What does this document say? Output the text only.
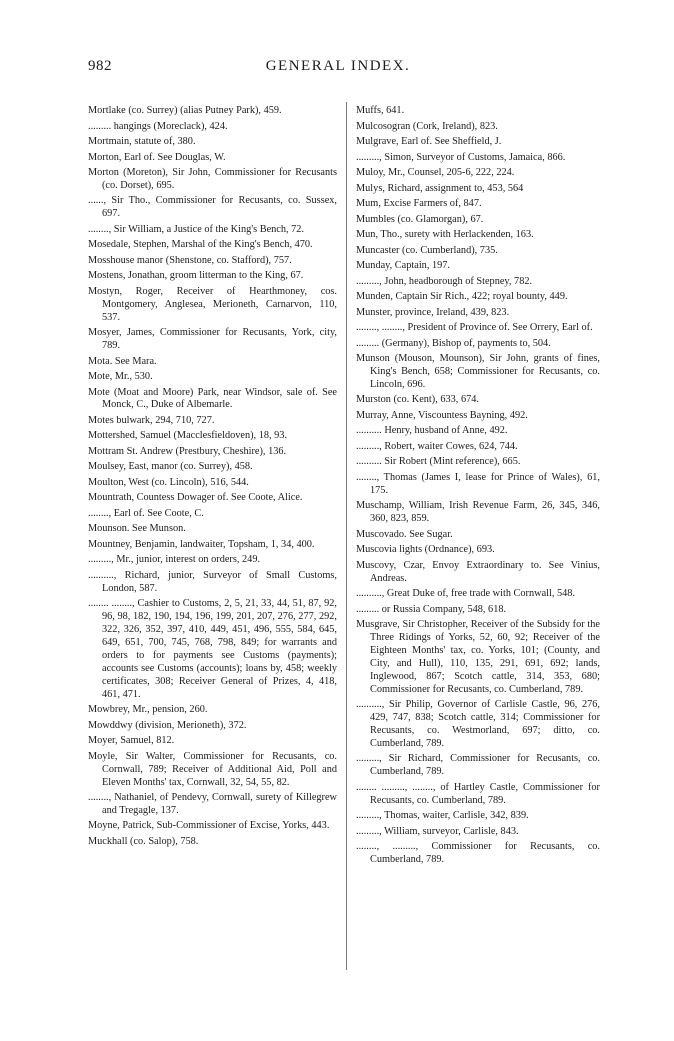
982	GENERAL INDEX.

Mortlake (co. Surrey) (alias Putney Park), 459.

......... hangings (Moreclack), 424.

Mortmain, statute of, 380.

Morton, Earl of. See Douglas, W.

Morton (Moreton), Sir John, Commissioner for Recusants (co. Dorset), 695.

......, Sir Tho., Commissioner for Recusants, co. Sussex, 697.

........, Sir William, a Justice of the King's Bench, 72.

Mosedale, Stephen, Marshal of the King's Bench, 470.

Mosshouse manor (Shenstone, co. Stafford), 757.

Mostens, Jonathan, groom litterman to the King, 67.

Mostyn, Roger, Receiver of Hearthmoney, cos. Montgomery, Anglesea, Merioneth, Carnarvon, 110, 537.

Mosyer, James, Commissioner for Recusants, York, city, 789.

Mota. See Mara.

Mote, Mr., 530.

Mote (Moat and Moore) Park, near Windsor, sale of. See Monck, C., Duke of Albemarle.

Motes bulwark, 294, 710, 727.

Mottershed, Samuel (Macclesfieldoven), 18, 93.

Mottram St. Andrew (Prestbury, Cheshire), 136.

Moulsey, East, manor (co. Surrey), 458.

Moulton, West (co. Lincoln), 516, 544.

Mountrath, Countess Dowager of. See Coote, Alice.

........, Earl of. See Coote, C.

Mounson. See Munson.

Mountney, Benjamin, landwaiter, Topsham, 1, 34, 400.

........., Mr., junior, interest on orders, 249.

.........., Richard, junior, Surveyor of Small Customs, London, 587.

........ ........, Cashier to Customs, 2, 5, 21, 33, 44, 51, 87, 92, 96, 98, 182, 190, 194, 196, 199, 201, 207, 276, 277, 292, 322, 326, 352, 397, 410, 449, 451, 496, 555, 584, 645, 649, 651, 700, 745, 768, 798, 849; for warrants and orders to for payments see Customs (payments); accounts see Customs (accounts); loans by, 458; weekly certificates, 308; Receiver General of Prizes, 4, 418, 461, 471.

Mowbrey, Mr., pension, 260.

Mowddwy (division, Merioneth), 372.

Moyer, Samuel, 812.

Moyle, Sir Walter, Commissioner for Recusants, co. Cornwall, 789; Receiver of Additional Aid, Poll and Eleven Months' tax, Cornwall, 32, 54, 55, 82.

........, Nathaniel, of Pendevy, Cornwall, surety of Killegrew and Tregagle, 137.

Moyne, Patrick, Sub-Commissioner of Excise, Yorks, 443.

Muckhall (co. Salop), 758.

Muffs, 641.

Mulcosogran (Cork, Ireland), 823.

Mulgrave, Earl of. See Sheffield, J.

........., Simon, Surveyor of Customs, Jamaica, 866.

Muloy, Mr., Counsel, 205-6, 222, 224.

Mulys, Richard, assignment to, 453, 564

Mum, Excise Farmers of, 847.

Mumbles (co. Glamorgan), 67.

Mun, Tho., surety with Herlackenden, 163.

Muncaster (co. Cumberland), 735.

Munday, Captain, 197.

........., John, headborough of Stepney, 782.

Munden, Captain Sir Rich., 422; royal bounty, 449.

Munster, province, Ireland, 439, 823.

........, ........, President of Province of. See Orrery, Earl of.

......... (Germany), Bishop of, payments to, 504.

Munson (Mouson, Mounson), Sir John, grants of fines, King's Bench, 658; Commissioner for Recusants, co. Lincoln, 696.

Murston (co. Kent), 633, 674.

Murray, Anne, Viscountess Bayning, 492.

.......... Henry, husband of Anne, 492.

........., Robert, waiter Cowes, 624, 744.

.......... Sir Robert (Mint reference), 665.

........, Thomas (James I, lease for Prince of Wales), 61, 175.

Muschamp, William, Irish Revenue Farm, 26, 345, 346, 360, 823, 859.

Muscovado. See Sugar.

Muscovia lights (Ordnance), 693.

Muscovy, Czar, Envoy Extraordinary to. See Vinius, Andreas.

.........., Great Duke of, free trade with Cornwall, 548.

......... or Russia Company, 548, 618.

Musgrave, Sir Christopher, Receiver of the Subsidy for the Three Ridings of Yorks, 52, 60, 92; Receiver of the Eighteen Months' tax, co. Yorks, 101; (County, and City, and Hull), 110, 135, 291, 691, 692; lands, Inglewood, 867; Scotch cattle, 314, 353, 680; Commissioner for Recusants, co. Cumberland, 789.

.........., Sir Philip, Governor of Carlisle Castle, 96, 276, 429, 747, 838; Scotch cattle, 314; Commissioner for Recusants, co. Westmorland, 697; ditto, co. Cumberland, 789.

........., Sir Richard, Commissioner for Recusants, co. Cumberland, 789.

........ ........., ........, of Hartley Castle, Commissioner for Recusants, co. Cumberland, 789.

........., Thomas, waiter, Carlisle, 342, 839.

........., William, surveyor, Carlisle, 843.

........, ........., Commissioner for Recusants, co. Cumberland, 789.
